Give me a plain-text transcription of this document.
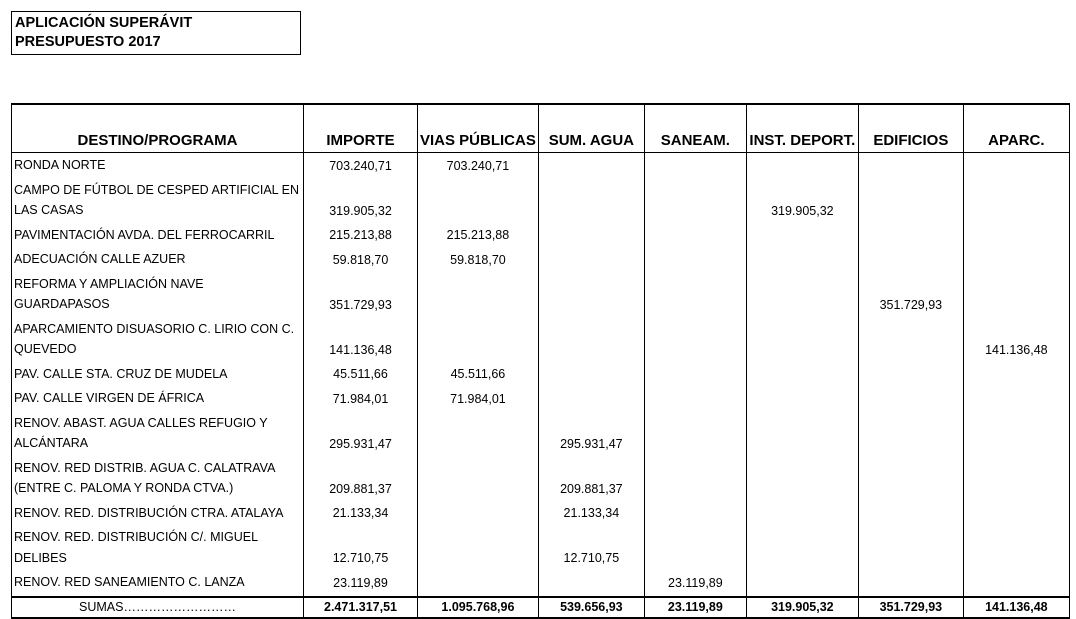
APLICACIÓN SUPERÁVIT
PRESUPUESTO 2017
DESTINO/PROGRAMA	IMPORTE	VIAS PÚBLICAS	SUM. AGUA	SANEAM.	INST. DEPORT.	EDIFICIOS	APARC.
RONDA NORTE	703.240,71	703.240,71					
CAMPO DE FÚTBOL DE CESPED ARTIFICIAL EN LAS CASAS	319.905,32				319.905,32		
PAVIMENTACIÓN AVDA. DEL FERROCARRIL	215.213,88	215.213,88					
ADECUACIÓN CALLE AZUER	59.818,70	59.818,70					
REFORMA Y AMPLIACIÓN NAVE GUARDAPASOS	351.729,93					351.729,93	
APARCAMIENTO DISUASORIO C. LIRIO CON C. QUEVEDO	141.136,48						141.136,48
PAV. CALLE STA. CRUZ DE MUDELA	45.511,66	45.511,66					
PAV. CALLE VIRGEN DE ÁFRICA	71.984,01	71.984,01					
RENOV. ABAST. AGUA CALLES REFUGIO Y ALCÁNTARA	295.931,47		295.931,47				
RENOV. RED DISTRIB. AGUA C. CALATRAVA (ENTRE C. PALOMA Y RONDA CTVA.)	209.881,37		209.881,37				
RENOV. RED. DISTRIBUCIÓN CTRA. ATALAYA	21.133,34		21.133,34				
RENOV. RED. DISTRIBUCIÓN C/. MIGUEL DELIBES	12.710,75		12.710,75				
RENOV. RED SANEAMIENTO C. LANZA	23.119,89			23.119,89			
SUMAS………………………	2.471.317,51	1.095.768,96	539.656,93	23.119,89	319.905,32	351.729,93	141.136,48
